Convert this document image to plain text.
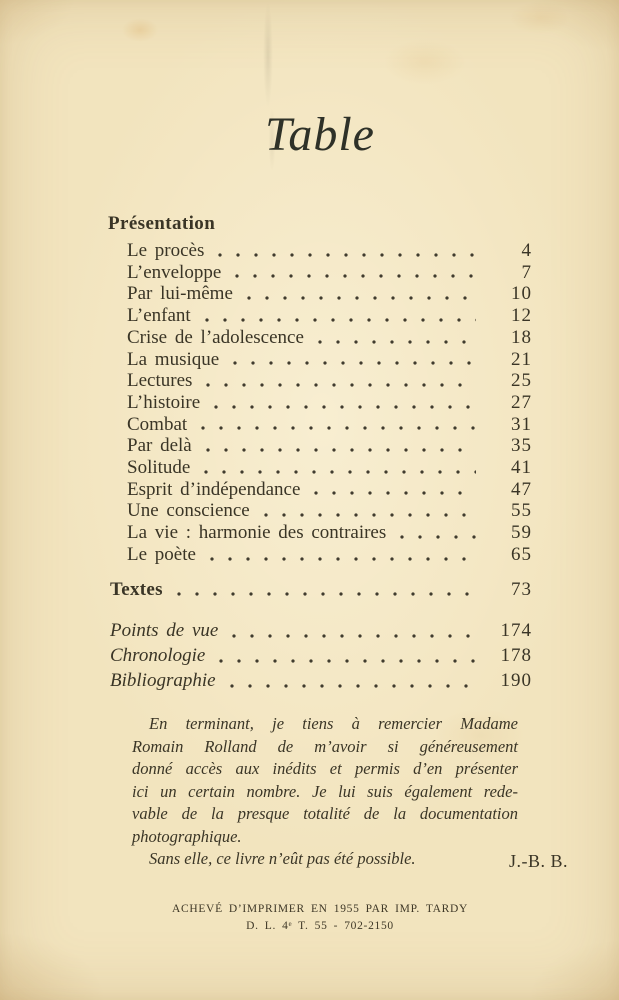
Table
Présentation
Le procès	4
L’enveloppe	7
Par lui-même	10
L’enfant	12
Crise de l’adolescence	18
La musique	21
Lectures	25
L’histoire	27
Combat	31
Par delà	35
Solitude	41
Esprit d’indépendance	47
Une conscience	55
La vie : harmonie des contraires	59
Le poète	65
Textes	73
Points de vue	174
Chronologie	178
Bibliographie	190
En terminant, je tiens à remercier Madame
Romain Rolland de m’avoir si généreusement
donné accès aux inédits et permis d’en présenter
ici un certain nombre. Je lui suis également rede-
vable de la presque totalité de la documentation
photographique.
Sans elle, ce livre n’eût pas été possible.	J.-B. B.
ACHEVÉ D’IMPRIMER EN 1955 PAR IMP. TARDY
D. L. 4ᵉ T. 55 - 702-2150
